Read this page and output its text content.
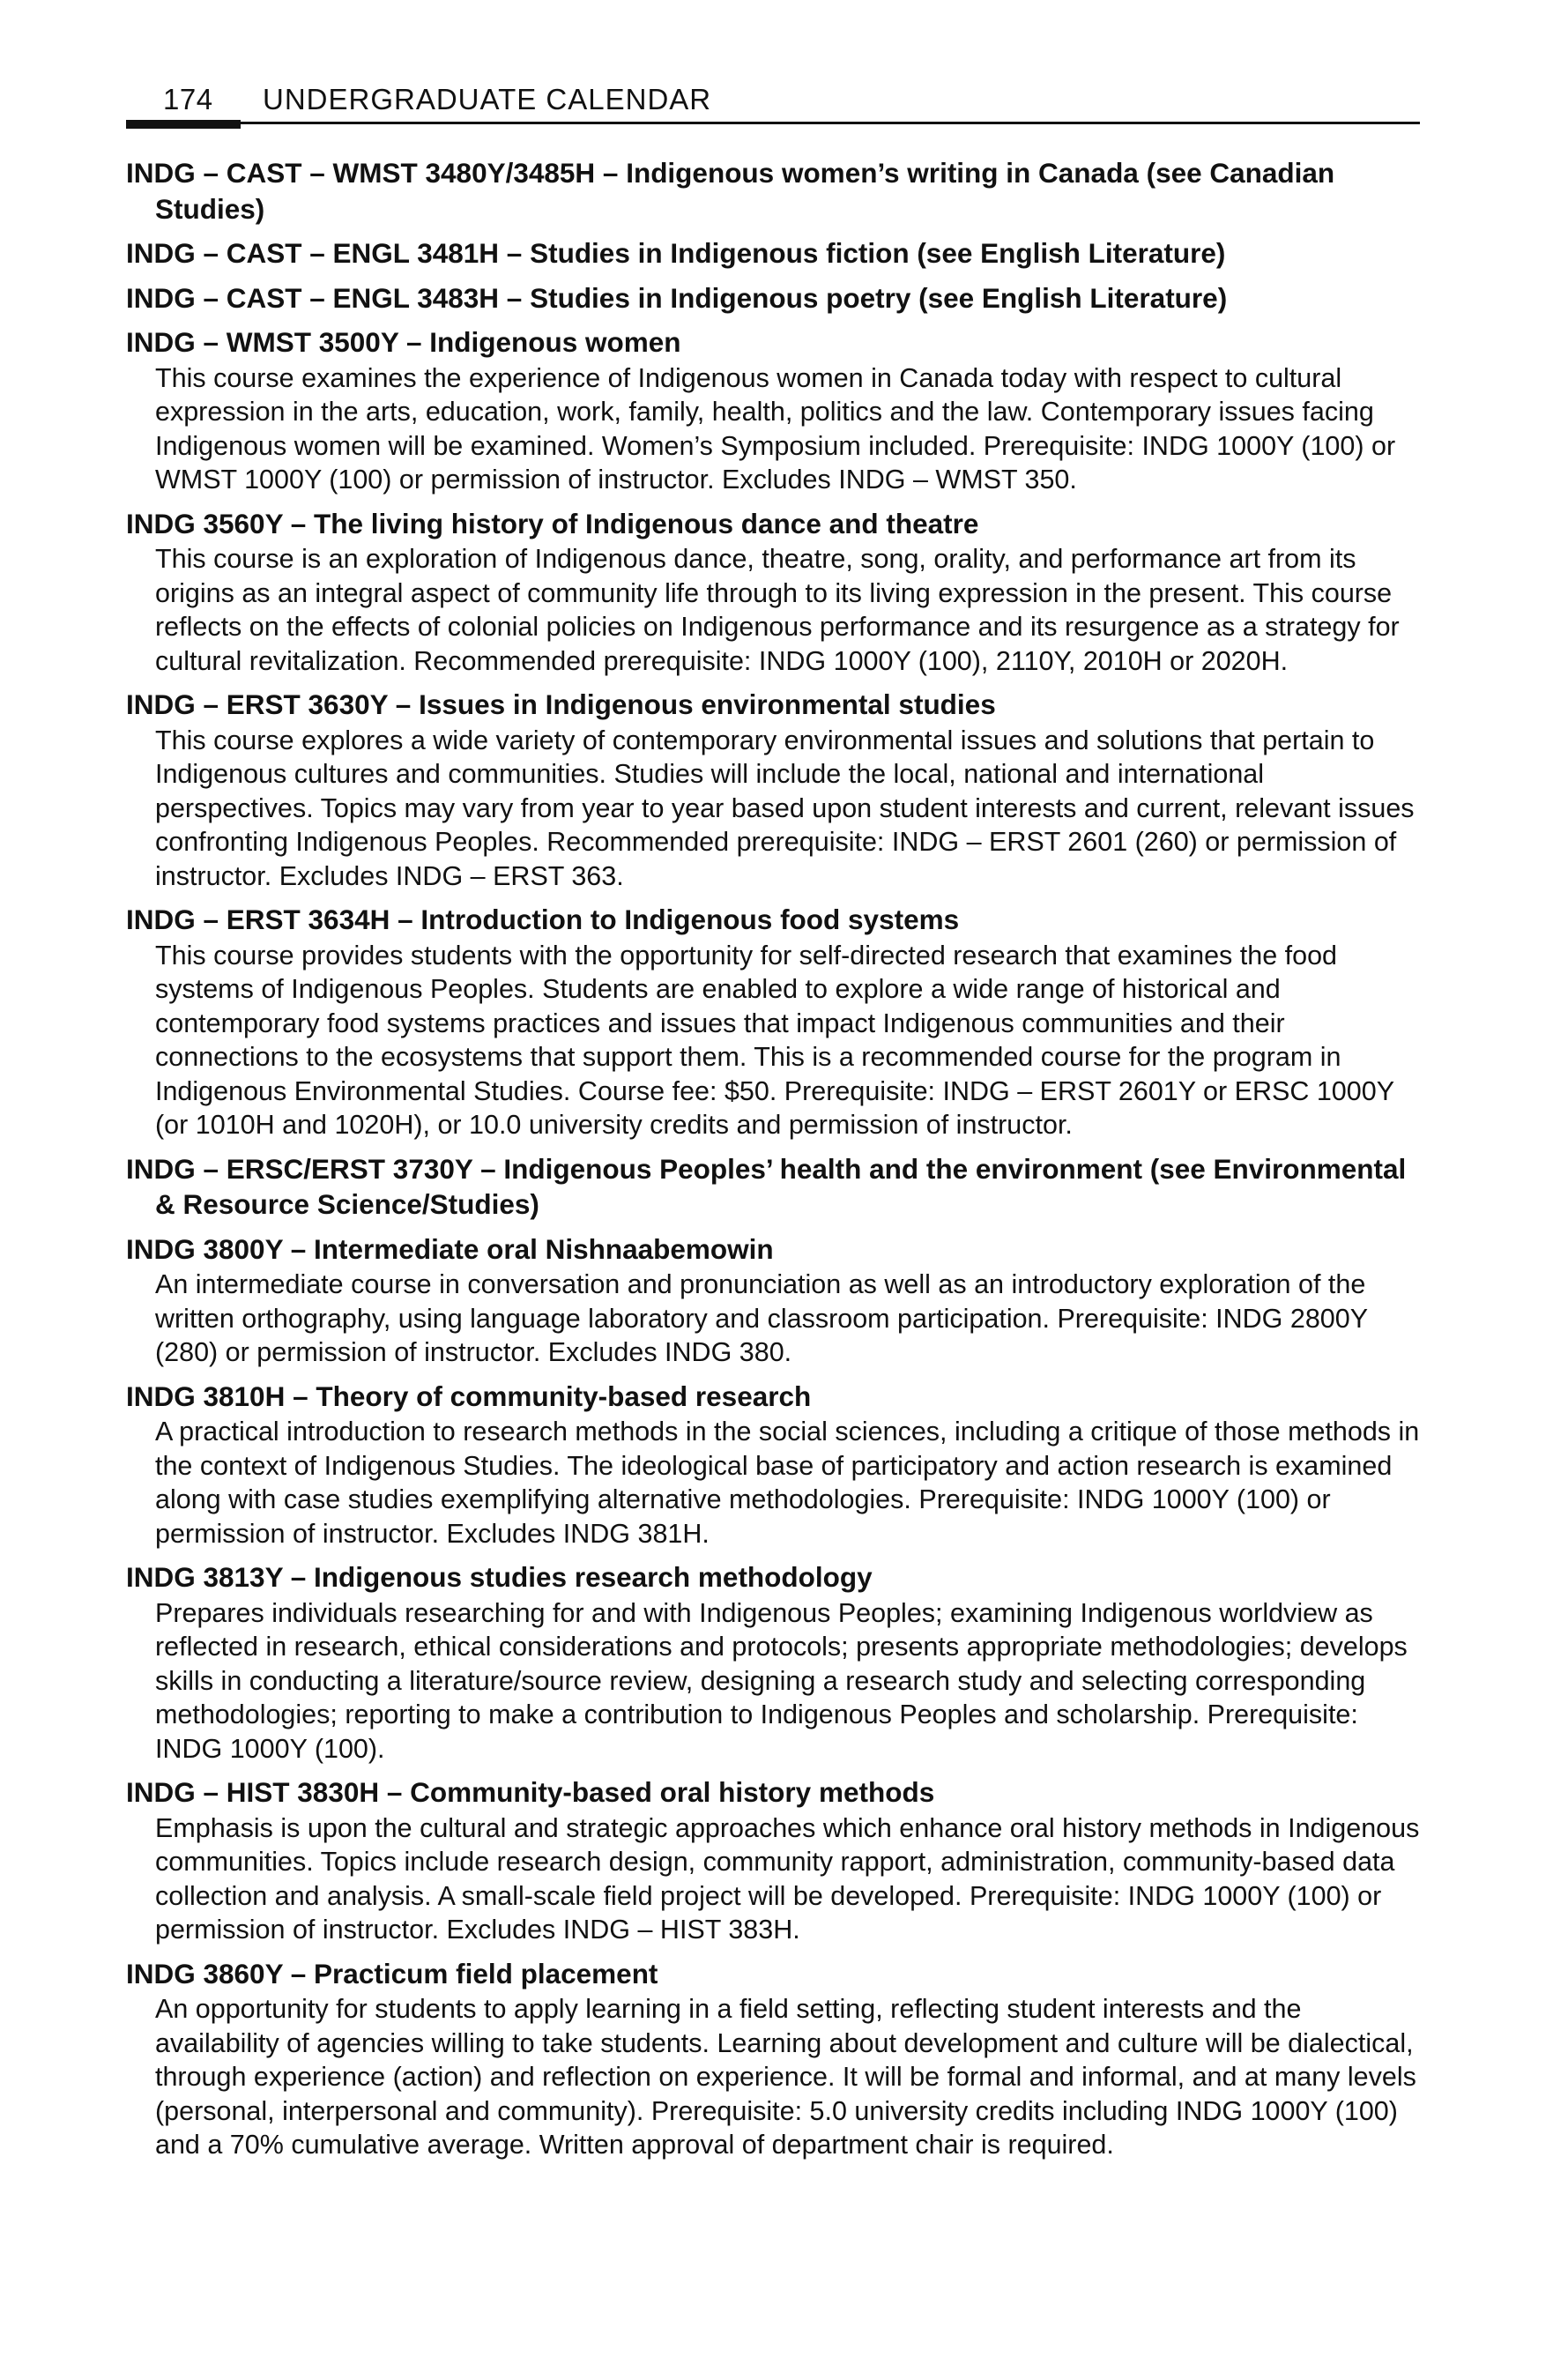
174 UNDERGRADUATE CALENDAR

INDG – CAST – WMST 3480Y/3485H – Indigenous women’s writing in Canada (see Canadian Studies)

INDG – CAST – ENGL 3481H – Studies in Indigenous fiction (see English Literature)

INDG – CAST – ENGL 3483H – Studies in Indigenous poetry (see English Literature)

INDG – WMST 3500Y – Indigenous women

This course examines the experience of Indigenous women in Canada today with respect to cultural expression in the arts, education, work, family, health, politics and the law. Contemporary issues facing Indigenous women will be examined. Women’s Symposium included. Prerequisite: INDG 1000Y (100) or WMST 1000Y (100) or permission of instructor. Excludes INDG – WMST 350.

INDG 3560Y – The living history of Indigenous dance and theatre

This course is an exploration of Indigenous dance, theatre, song, orality, and performance art from its origins as an integral aspect of community life through to its living expression in the present. This course reflects on the effects of colonial policies on Indigenous performance and its resurgence as a strategy for cultural revitalization. Recommended prerequisite: INDG 1000Y (100), 2110Y, 2010H or 2020H.

INDG – ERST 3630Y – Issues in Indigenous environmental studies

This course explores a wide variety of contemporary environmental issues and solutions that pertain to Indigenous cultures and communities. Studies will include the local, national and international perspectives. Topics may vary from year to year based upon student interests and current, relevant issues confronting Indigenous Peoples. Recommended prerequisite: INDG – ERST 2601 (260) or permission of instructor. Excludes INDG – ERST 363.

INDG – ERST 3634H – Introduction to Indigenous food systems

This course provides students with the opportunity for self-directed research that examines the food systems of Indigenous Peoples. Students are enabled to explore a wide range of historical and contemporary food systems practices and issues that impact Indigenous communities and their connections to the ecosystems that support them. This is a recommended course for the program in Indigenous Environmental Studies. Course fee: $50. Prerequisite: INDG – ERST 2601Y or ERSC 1000Y (or 1010H and 1020H), or 10.0 university credits and permission of instructor.

INDG – ERSC/ERST 3730Y – Indigenous Peoples’ health and the environment (see Environmental & Resource Science/Studies)

INDG 3800Y – Intermediate oral Nishnaabemowin

An intermediate course in conversation and pronunciation as well as an introductory exploration of the written orthography, using language laboratory and classroom participation. Prerequisite: INDG 2800Y (280) or permission of instructor. Excludes INDG 380.

INDG 3810H – Theory of community-based research

A practical introduction to research methods in the social sciences, including a critique of those methods in the context of Indigenous Studies. The ideological base of participatory and action research is examined along with case studies exemplifying alternative methodologies. Prerequisite: INDG 1000Y (100) or permission of instructor. Excludes INDG 381H.

INDG 3813Y – Indigenous studies research methodology

Prepares individuals researching for and with Indigenous Peoples; examining Indigenous worldview as reflected in research, ethical considerations and protocols; presents appropriate methodologies; develops skills in conducting a literature/source review, designing a research study and selecting corresponding methodologies; reporting to make a contribution to Indigenous Peoples and scholarship. Prerequisite: INDG 1000Y (100).

INDG – HIST 3830H – Community-based oral history methods

Emphasis is upon the cultural and strategic approaches which enhance oral history methods in Indigenous communities. Topics include research design, community rapport, administration, community-based data collection and analysis. A small-scale field project will be developed. Prerequisite: INDG 1000Y (100) or permission of instructor. Excludes INDG – HIST 383H.

INDG 3860Y – Practicum field placement

An opportunity for students to apply learning in a field setting, reflecting student interests and the availability of agencies willing to take students. Learning about development and culture will be dialectical, through experience (action) and reflection on experience. It will be formal and informal, and at many levels (personal, interpersonal and community). Prerequisite: 5.0 university credits including INDG 1000Y (100) and a 70% cumulative average. Written approval of department chair is required.
